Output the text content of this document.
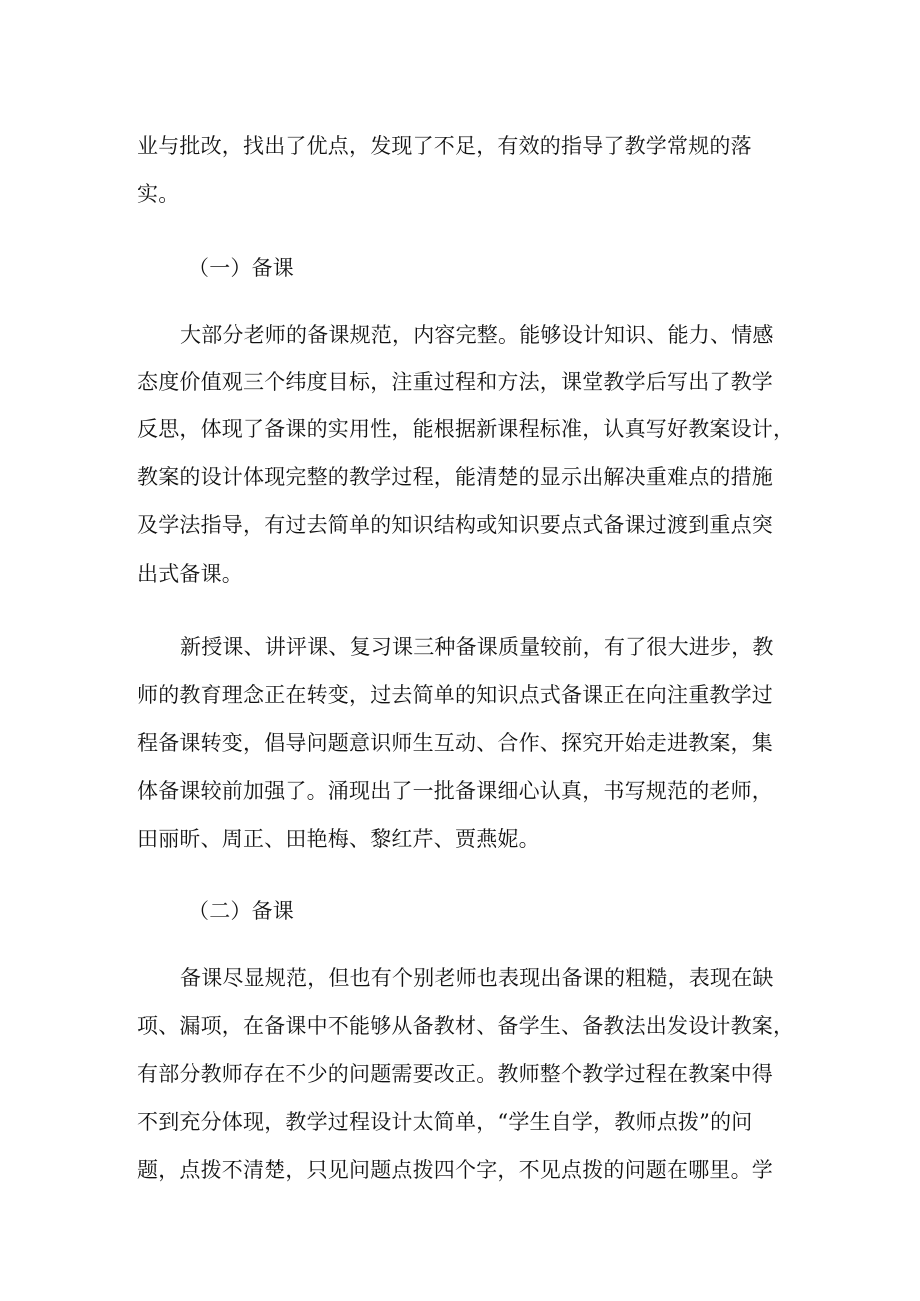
业与批改，找出了优点，发现了不足，有效的指导了教学常规的落
实。
（一）备课
大部分老师的备课规范，内容完整。能够设计知识、能力、情感
态度价值观三个纬度目标，注重过程和方法，课堂教学后写出了教学
反思，体现了备课的实用性，能根据新课程标准，认真写好教案设计，
教案的设计体现完整的教学过程，能清楚的显示出解决重难点的措施
及学法指导，有过去简单的知识结构或知识要点式备课过渡到重点突
出式备课。
新授课、讲评课、复习课三种备课质量较前，有了很大进步，教
师的教育理念正在转变，过去简单的知识点式备课正在向注重教学过
程备课转变，倡导问题意识师生互动、合作、探究开始走进教案，集
体备课较前加强了。涌现出了一批备课细心认真，书写规范的老师，
田丽昕、周正、田艳梅、黎红芹、贾燕妮。
（二）备课
备课尽显规范，但也有个别老师也表现出备课的粗糙，表现在缺
项、漏项，在备课中不能够从备教材、备学生、备教法出发设计教案，
有部分教师存在不少的问题需要改正。教师整个教学过程在教案中得
不到充分体现，教学过程设计太简单，“学生自学，教师点拨”的问
题，点拨不清楚，只见问题点拨四个字，不见点拨的问题在哪里。学
